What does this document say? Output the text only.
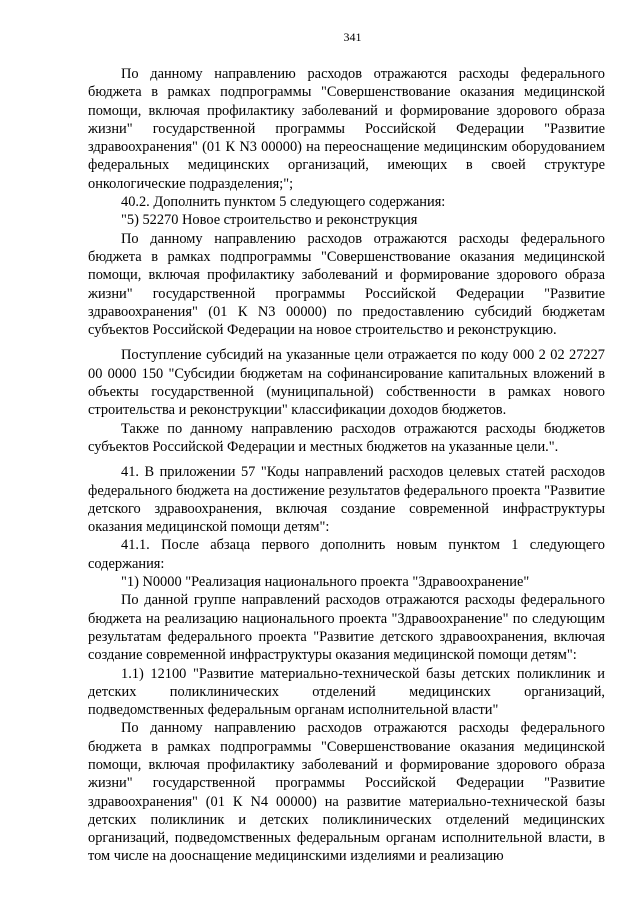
341

По данному направлению расходов отражаются расходы федерального бюджета в рамках подпрограммы "Совершенствование оказания медицинской помощи, включая профилактику заболеваний и формирование здорового образа жизни" государственной программы Российской Федерации "Развитие здравоохранения" (01 К N3 00000) на переоснащение медицинским оборудованием федеральных медицинских организаций, имеющих в своей структуре онкологические подразделения;";

40.2. Дополнить пунктом 5 следующего содержания:

"5) 52270 Новое строительство и реконструкция

По данному направлению расходов отражаются расходы федерального бюджета в рамках подпрограммы "Совершенствование оказания медицинской помощи, включая профилактику заболеваний и формирование здорового образа жизни" государственной программы Российской Федерации "Развитие здравоохранения" (01 К N3 00000) по предоставлению субсидий бюджетам субъектов Российской Федерации на новое строительство и реконструкцию.

Поступление субсидий на указанные цели отражается по коду 000 2 02 27227 00 0000 150 "Субсидии бюджетам на софинансирование капитальных вложений в объекты государственной (муниципальной) собственности в рамках нового строительства и реконструкции" классификации доходов бюджетов.

Также по данному направлению расходов отражаются расходы бюджетов субъектов Российской Федерации и местных бюджетов на указанные цели.".

41. В приложении 57 "Коды направлений расходов целевых статей расходов федерального бюджета на достижение результатов федерального проекта "Развитие детского здравоохранения, включая создание современной инфраструктуры оказания медицинской помощи детям":

41.1. После абзаца первого дополнить новым пунктом 1 следующего содержания:

"1) N0000 "Реализация национального проекта "Здравоохранение"

По данной группе направлений расходов отражаются расходы федерального бюджета на реализацию национального проекта "Здравоохранение" по следующим результатам федерального проекта "Развитие детского здравоохранения, включая создание современной инфраструктуры оказания медицинской помощи детям":

1.1) 12100 "Развитие материально-технической базы детских поликлиник и детских поликлинических отделений медицинских организаций, подведомственных федеральным органам исполнительной власти"

По данному направлению расходов отражаются расходы федерального бюджета в рамках подпрограммы "Совершенствование оказания медицинской помощи, включая профилактику заболеваний и формирование здорового образа жизни" государственной программы Российской Федерации "Развитие здравоохранения" (01 К N4 00000) на развитие материально-технической базы детских поликлиник и детских поликлинических отделений медицинских организаций, подведомственных федеральным органам исполнительной власти, в том числе на дооснащение медицинскими изделиями и реализацию
